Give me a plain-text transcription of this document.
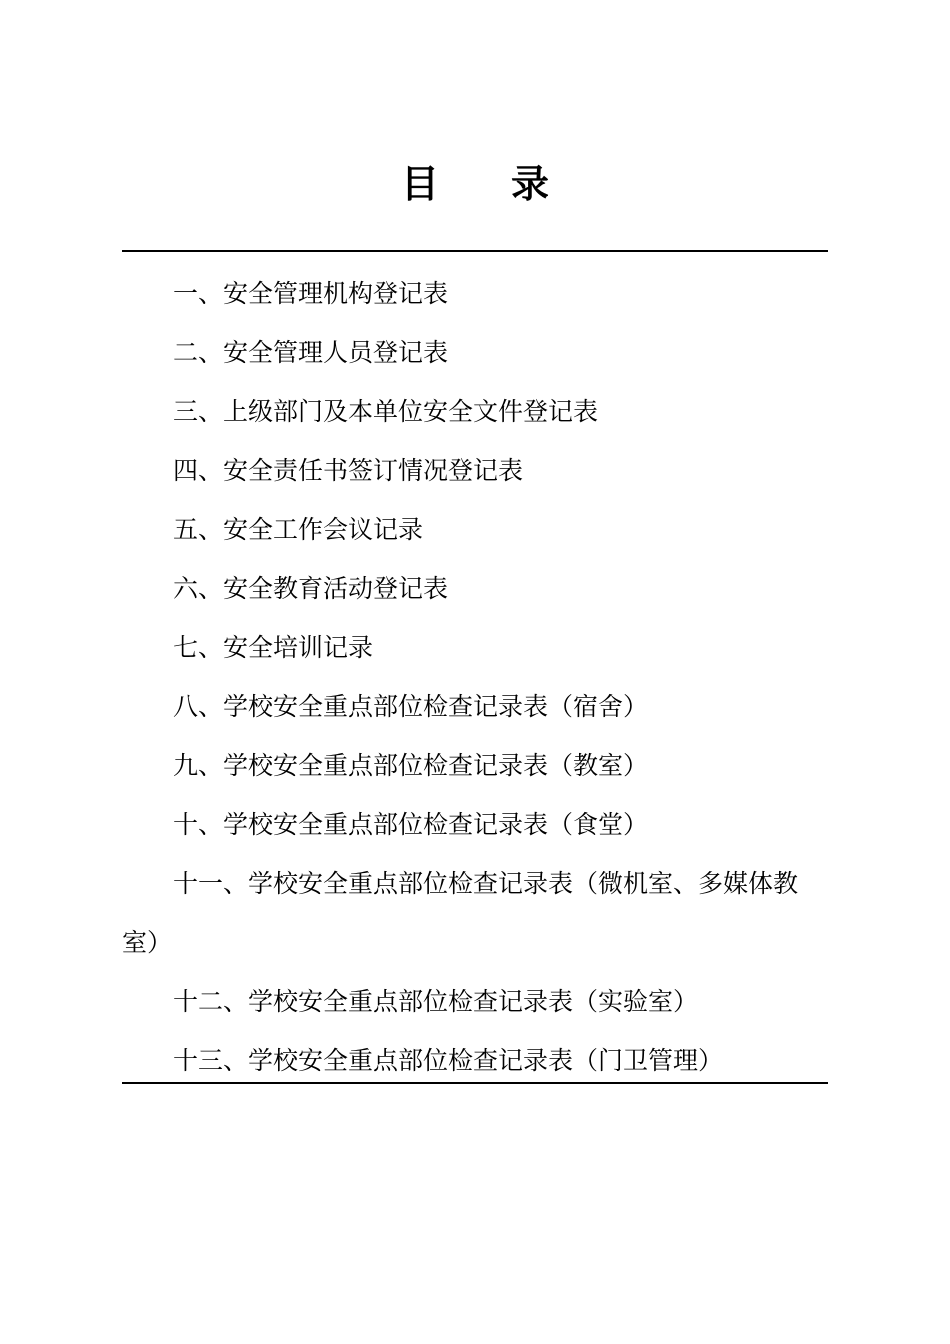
目 录
一、安全管理机构登记表
二、安全管理人员登记表
三、上级部门及本单位安全文件登记表
四、安全责任书签订情况登记表
五、安全工作会议记录
六、安全教育活动登记表
七、安全培训记录
八、学校安全重点部位检查记录表（宿舍）
九、学校安全重点部位检查记录表（教室）
十、学校安全重点部位检查记录表（食堂）
十一、学校安全重点部位检查记录表（微机室、多媒体教室）
十二、学校安全重点部位检查记录表（实验室）
十三、学校安全重点部位检查记录表（门卫管理）
